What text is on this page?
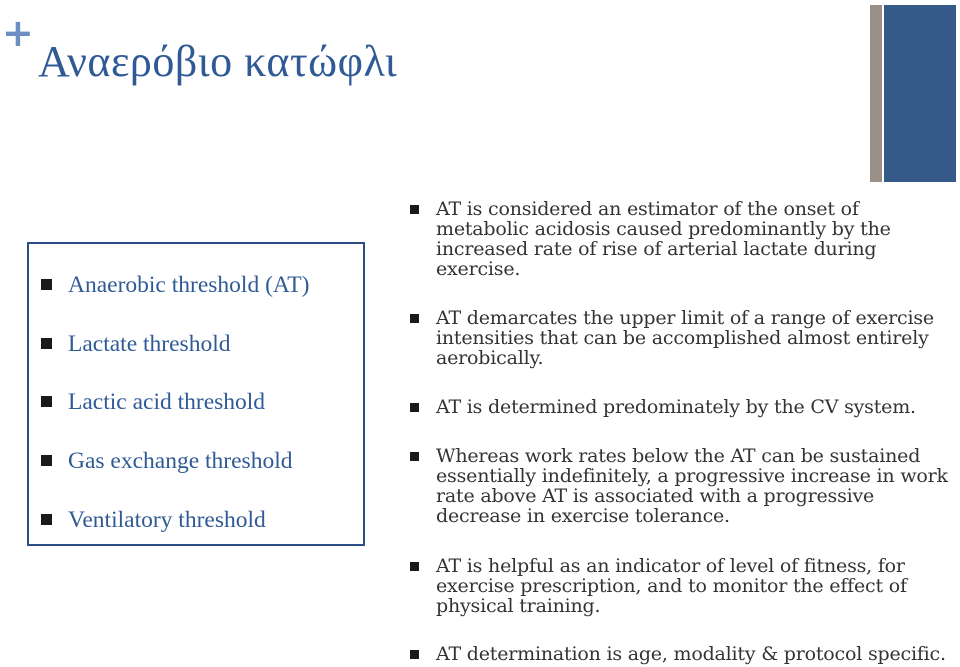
+
Αναερόβιο κατώφλι
Anaerobic threshold (AT)
Lactate threshold
Lactic acid threshold
Gas exchange threshold
Ventilatory threshold
AT is considered an estimator of the onset of metabolic acidosis caused predominantly by the increased rate of rise of arterial lactate during exercise.
AT demarcates the upper limit of a range of exercise intensities that can be accomplished almost entirely aerobically.
AT is determined predominately by the CV system.
Whereas work rates below the AT can be sustained essentially indefinitely, a progressive increase in work rate above AT is associated with a progressive decrease in exercise tolerance.
AT is helpful as an indicator of level of fitness, for exercise prescription, and to monitor the effect of physical training.
AT determination is age, modality & protocol specific.
